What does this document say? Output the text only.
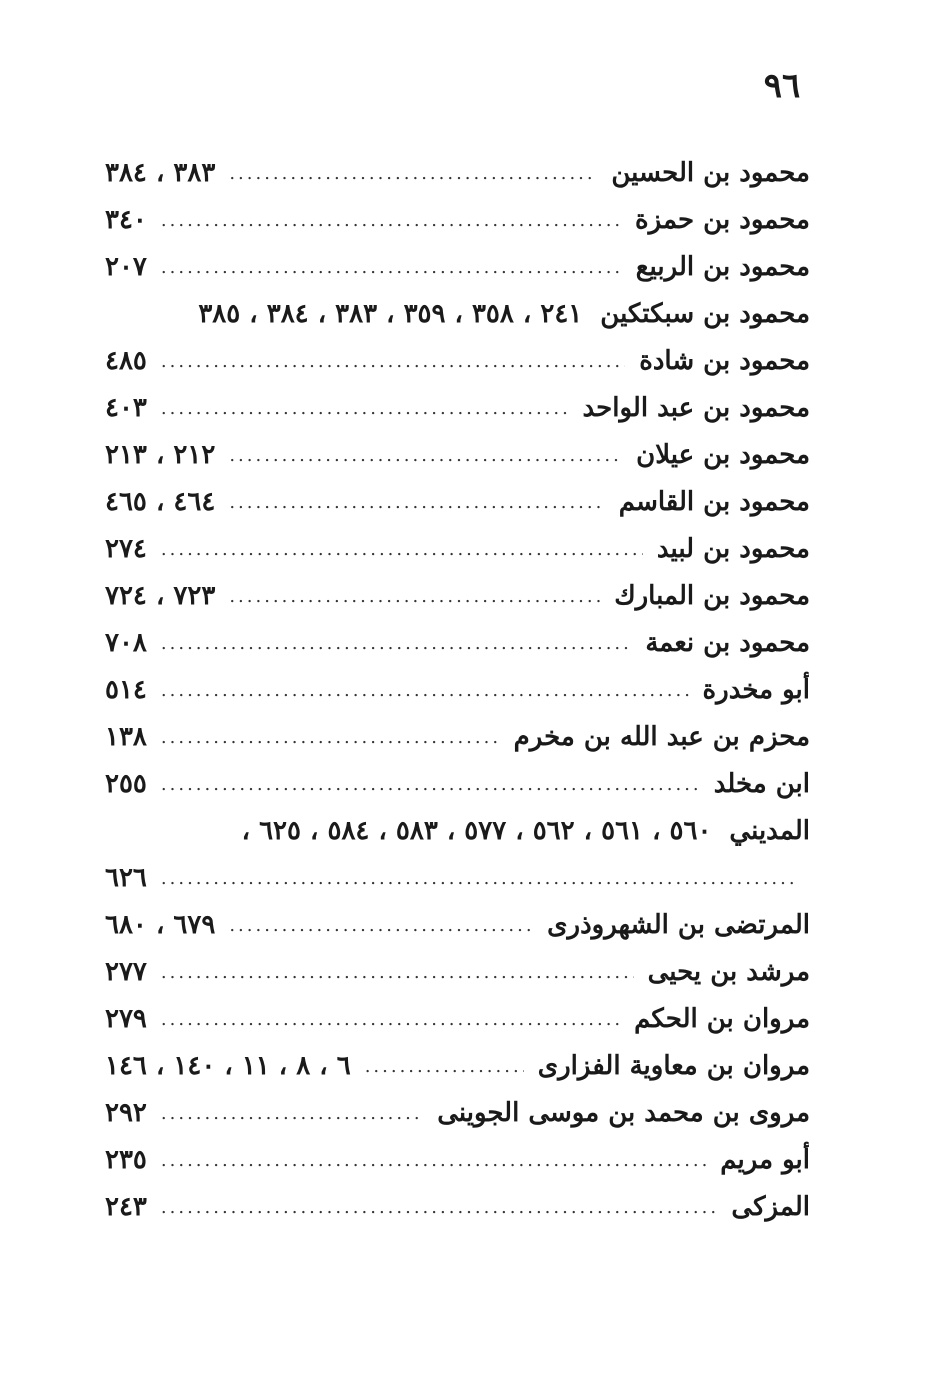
٩٦
محمود بن الحسين
.....
٣٨٣ ، ٣٨٤
محمود بن حمزة
.....
٣٤٠
محمود بن الربيع
.....
٢٠٧
محمود بن سبكتكين
٢٤١ ، ٣٥٨ ، ٣٥٩ ، ٣٨٣ ، ٣٨٤ ، ٣٨٥
محمود بن شادة
.....
٤٨٥
محمود بن عبد الواحد
.....
٤٠٣
محمود بن عيلان
.....
٢١٢ ، ٢١٣
محمود بن القاسم
.....
٤٦٤ ، ٤٦٥
محمود بن لبيد
.....
٢٧٤
محمود بن المبارك
.....
٧٢٣ ، ٧٢٤
محمود بن نعمة
.....
٧٠٨
أبو مخدرة
.....
٥١٤
محزم بن عبد الله بن مخرم
.....
١٣٨
ابن مخلد
.....
٢٥٥
المديني
٥٦٠ ، ٥٦١ ، ٥٦٢ ، ٥٧٧ ، ٥٨٣ ، ٥٨٤ ، ٦٢٥ ،
.....
٦٢٦
المرتضى بن الشهروذرى
.....
٦٧٩ ، ٦٨٠
مرشد بن يحيى
.....
٢٧٧
مروان بن الحكم
.....
٢٧٩
مروان بن معاوية الفزارى
.....
٦ ، ٨ ، ١١ ، ١٤٠ ، ١٤٦
مروى بن محمد بن موسى الجوينى
.....
٢٩٢
أبو مريم
.....
٢٣٥
المزكى
.....
٢٤٣
